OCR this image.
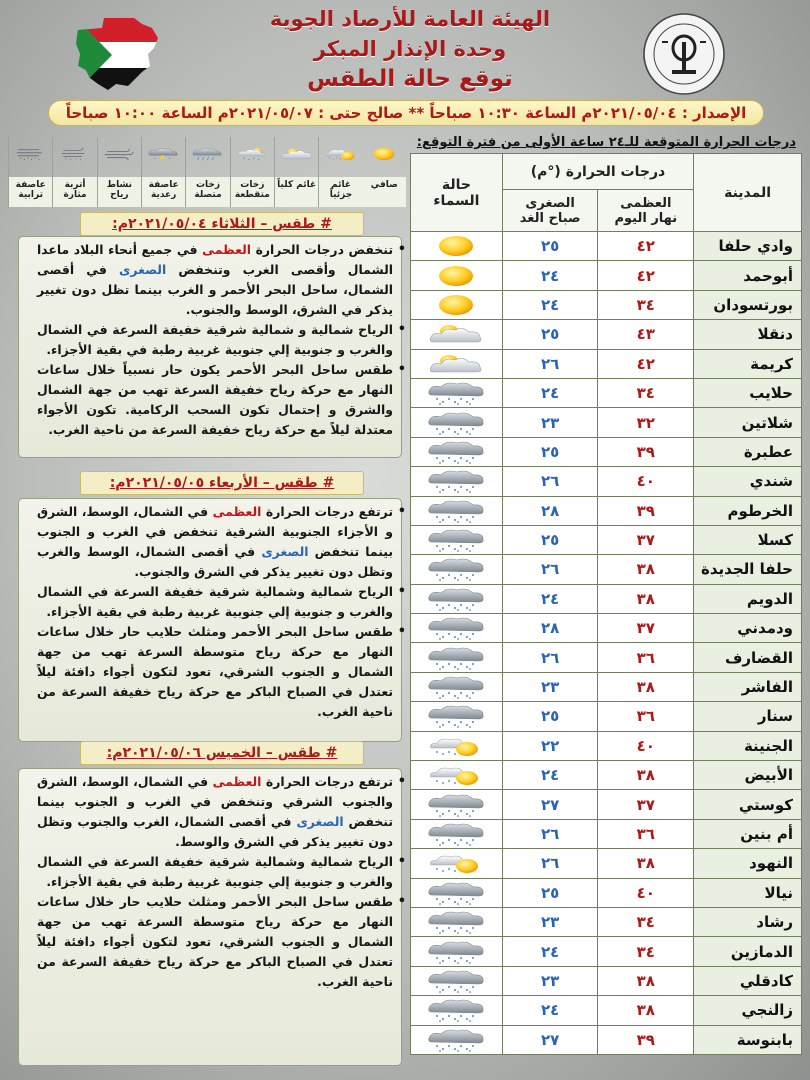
الهيئة العامة للأرصاد الجوية
وحدة الإنذار المبكر
توقع حالة الطقس
الإصدار : ٢٠٢١/٠٥/٠٤م الساعة ١٠:٣٠ صباحاً ** صالح حتى : ٢٠٢١/٠٥/٠٧م الساعة ١٠:٠٠ صباحاً
صافي
غائم جزئياً
غائم كلياً
زخات متقطعة
زخات متصلة
عاصفة رعدية
نشاط رياح
أتربة مثارة
عاصفة ترابية
# طقس – الثلاثاء ٢٠٢١/٠٥/٠٤م:
• تنخفض درجات الحرارة العظمى في جميع أنحاء البلاد ماعدا الشمال وأقصى الغرب وتنخفض الصغرى في أقصى الشمال، ساحل البحر الأحمر و الغرب بينما تظل دون تغيير يذكر في الشرق، الوسط والجنوب.
• الرياح شمالية و شمالية شرقية خفيفة السرعة في الشمال والغرب و جنوبية إلي جنوبية غربية رطبة في بقية الأجزاء.
• طقس ساحل البحر الأحمر يكون حار نسبياً خلال ساعات النهار مع حركة رياح خفيفة السرعة تهب من جهة الشمال والشرق و إحتمال تكون السحب الركامية. تكون الأجواء معتدلة ليلاً مع حركة رياح خفيفة السرعة من ناحية الغرب.
# طقس – الأربعاء ٢٠٢١/٠٥/٠٥م:
• ترتفع درجات الحرارة العظمى في الشمال، الوسط، الشرق و الأجزاء الجنوبية الشرقية تنخفض في الغرب و الجنوب بينما تنخفض الصغرى في أقصى الشمال، الوسط والغرب وتظل دون تغيير يذكر في الشرق والجنوب.
• الرياح شمالية وشمالية شرقية خفيفة السرعة في الشمال والغرب و جنوبية إلي جنوبية غربية رطبة في بقية الأجزاء.
• طقس ساحل البحر الأحمر ومثلث حلايب حار خلال ساعات النهار مع حركة رياح متوسطة السرعة تهب من جهة الشمال و الجنوب الشرقي، تعود لتكون أجواء دافئة ليلاً تعتدل في الصباح الباكر مع حركة رياح خفيفة السرعة من ناحية الغرب.
# طقس – الخميس ٢٠٢١/٠٥/٠٦م:
• ترتفع درجات الحرارة العظمى في الشمال، الوسط، الشرق والجنوب الشرقي وتنخفض في الغرب و الجنوب بينما تنخفض الصغرى في أقصى الشمال، الغرب والجنوب وتظل دون تغيير يذكر في الشرق والوسط.
• الرياح شمالية وشمالية شرقية خفيفة السرعة في الشمال والغرب و جنوبية إلي جنوبية غربية رطبة في بقية الأجزاء.
• طقس ساحل البحر الأحمر ومثلث حلايب حار خلال ساعات النهار مع حركة رياح متوسطة السرعة تهب من جهة الشمال و الجنوب الشرقي، تعود لتكون أجواء دافئة ليلاً تعتدل في الصباح الباكر مع حركة رياح خفيفة السرعة من ناحية الغرب.
درجات الحرارة المتوقعة للـ٢٤ ساعة الأولى من فترة التوقع:
المدينة	درجات الحرارة (°م)		حالة
السماء
	العظمى
نهار اليوم	الصغرى
صباح الغد	
وادي حلفا	٤٢	٢٥	
أبوحمد	٤٢	٢٤	
بورتسودان	٣٤	٢٤	
دنقلا	٤٣	٢٥	
كريمة	٤٢	٢٦	
حلايب	٣٤	٢٤	
شلاتين	٣٢	٢٣	
عطبرة	٣٩	٢٥	
شندي	٤٠	٢٦	
الخرطوم	٣٩	٢٨	
كسلا	٣٧	٢٥	
حلفا الجديدة	٣٨	٢٦	
الدويم	٣٨	٢٤	
ودمدني	٣٧	٢٨	
القضارف	٣٦	٢٦	
الفاشر	٣٨	٢٣	
سنار	٣٦	٢٥	
الجنينة	٤٠	٢٢	
الأبيض	٣٨	٢٤	
كوستي	٣٧	٢٧	
أم بنين	٣٦	٢٦	
النهود	٣٨	٢٦	
نيالا	٤٠	٢٥	
رشاد	٣٤	٢٣	
الدمازين	٣٤	٢٤	
كادقلي	٣٨	٢٣	
زالنجي	٣٨	٢٤	
بابنوسة	٣٩	٢٧	
